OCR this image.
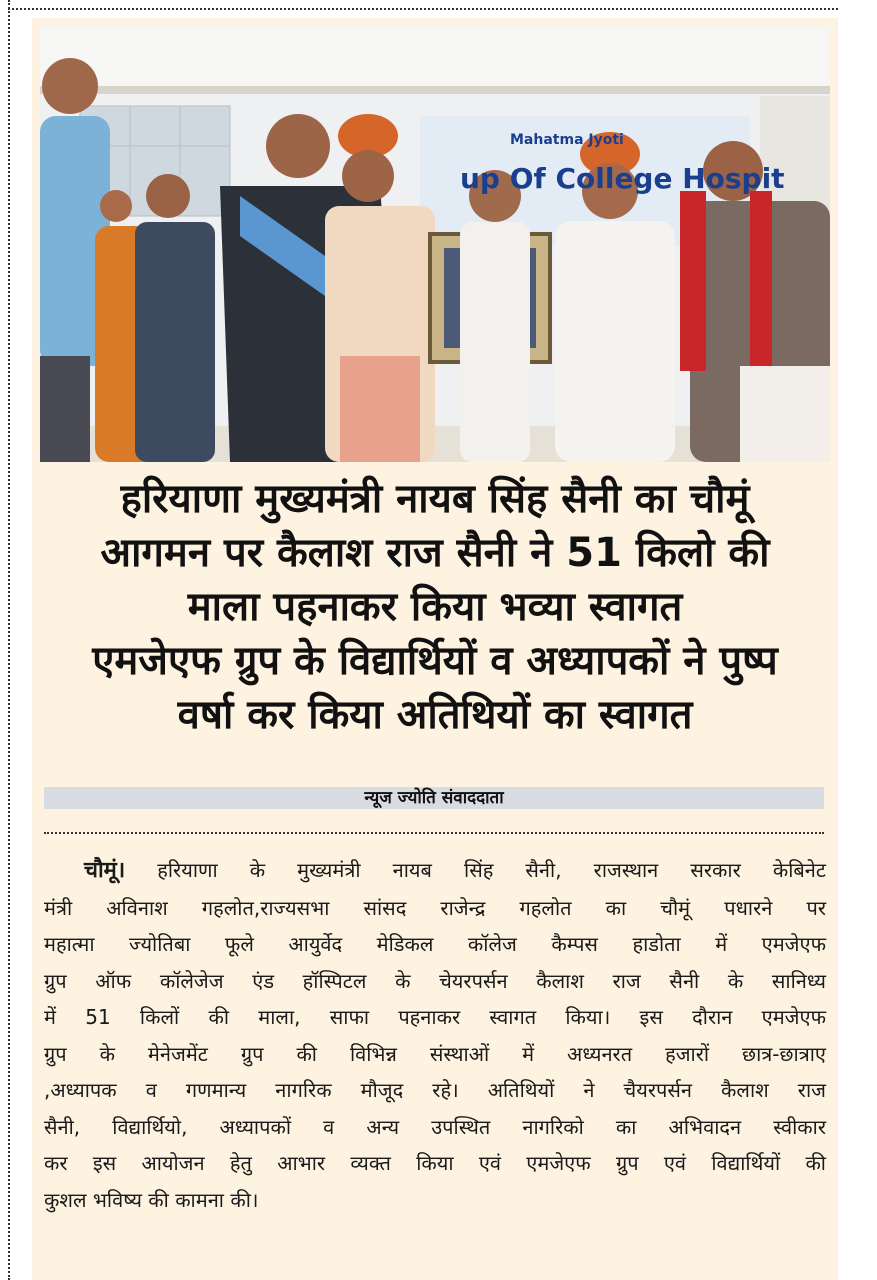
Mahatma Jyoti
up Of College Hospit
हरियाणा मुख्यमंत्री नायब सिंह सैनी का चौमूं
आगमन पर कैलाश राज सैनी ने 51 किलो की
माला पहनाकर किया भव्या स्वागत
एमजेएफ ग्रुप के विद्यार्थियों व अध्यापकों ने पुष्प
वर्षा कर किया अतिथियों का स्वागत
न्यूज ज्योति संवाददाता
चौमूं। हरियाणा के मुख्यमंत्री नायब सिंह सैनी, राजस्थान सरकार केबिनेट
मंत्री अविनाश गहलोत,राज्यसभा सांसद राजेन्द्र गहलोत का चौमूं पधारने पर
महात्मा ज्योतिबा फूले आयुर्वेद मेडिकल कॉलेज कैम्पस हाडोता में एमजेएफ
ग्रुप ऑफ कॉलेजेज एंड हॉस्पिटल के चेयरपर्सन कैलाश राज सैनी के सानिध्य
में 51 किलों की माला, साफा पहनाकर स्वागत किया। इस दौरान एमजेएफ
ग्रुप के मेनेजमेंट ग्रुप की विभिन्न संस्थाओं में अध्यनरत हजारों छात्र-छात्राए
,अध्यापक व गणमान्य नागरिक मौजूद रहे। अतिथियों ने चैयरपर्सन कैलाश राज
सैनी, विद्यार्थियो, अध्यापकों व अन्य उपस्थित नागरिको का अभिवादन स्वीकार
कर इस आयोजन हेतु आभार व्यक्त किया एवं एमजेएफ ग्रुप एवं विद्यार्थियों की
कुशल भविष्य की कामना की।
